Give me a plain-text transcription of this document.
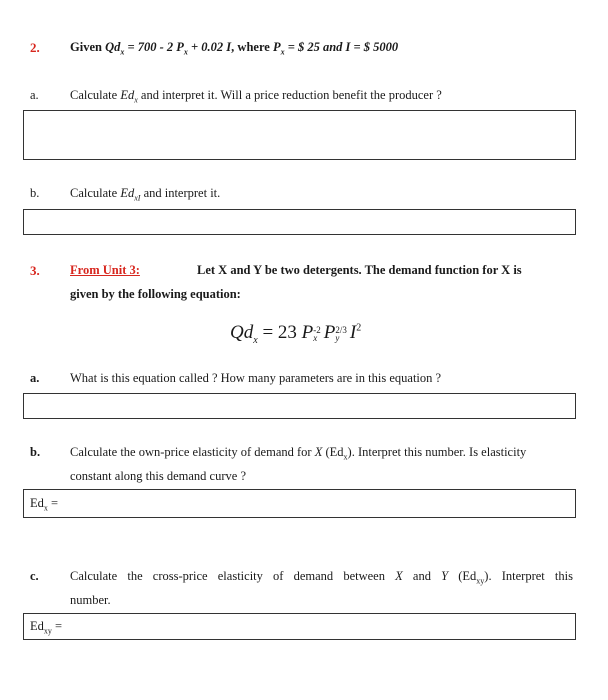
2. Given $Qd_x = 700 - 2$ $P_x + 0.02$ I, where $P_x$ = $ 25 and I = $ 5000
a.	Calculate $Ed_x$ and interpret it. Will a price reduction benefit the producer ?
b. Calculate $Ed_{xI}$ and interpret it.
3. From Unit 3:	Let X and Y be two detergents. The demand function for X is
given by the following equation:
$Qd_x = 23$ P -2
x P 2/3
y $I^2$
a. What is this equation called ? How many parameters are in this equation ?
b. Calculate the own-price elasticity of demand for X $(Ed_x)$. Interpret this number. Is elasticity
constant along this demand curve ?
$Ed_x$ =
c.	Calculate the cross-price elasticity of demand between X and Y $(Ed_{xy})$. Interpret this
number.
$Ed_{xy}$ =
